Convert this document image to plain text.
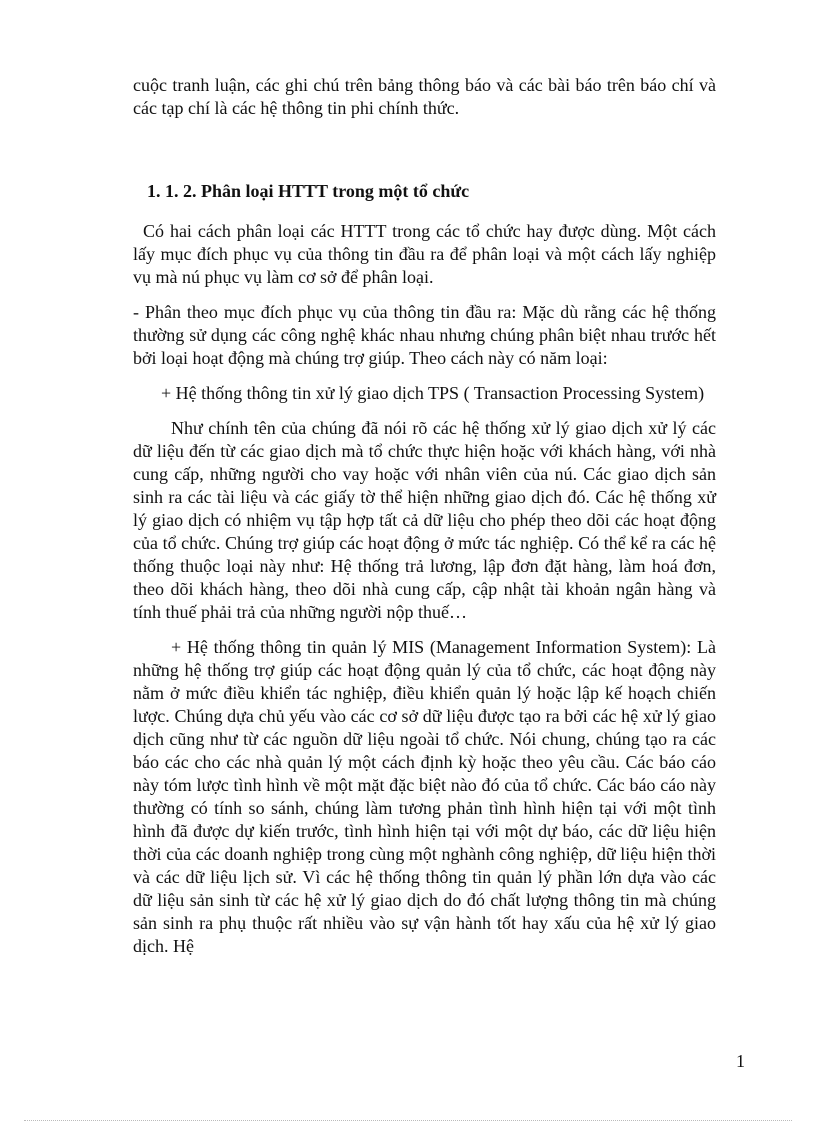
cuộc tranh luận, các ghi chú trên bảng thông báo và các bài báo trên báo chí và các tạp chí là các hệ thông tin phi chính thức.

1. 1. 2. Phân loại HTTT trong một tổ chức

Có hai cách phân loại các HTTT trong các tổ chức hay được dùng. Một cách lấy mục đích phục vụ của thông tin đầu ra để phân loại và một cách lấy nghiệp vụ mà nú phục vụ làm cơ sở để phân loại.

- Phân theo mục đích phục vụ của thông tin đầu ra: Mặc dù rằng các hệ thống thường sử dụng các công nghệ khác nhau nhưng chúng phân biệt nhau trước hết bởi loại hoạt động mà chúng trợ giúp. Theo cách này có năm loại:

+ Hệ thống thông tin xử lý giao dịch TPS ( Transaction Processing System)

Như chính tên của chúng đã nói rõ các hệ thống xử lý giao dịch xử lý các dữ liệu đến từ các giao dịch mà tổ chức thực hiện hoặc với khách hàng, với nhà cung cấp, những người cho vay hoặc với nhân viên của nú. Các giao dịch sản sinh ra các tài liệu và các giấy tờ thể hiện những giao dịch đó. Các hệ thống xử lý giao dịch có nhiệm vụ tập hợp tất cả dữ liệu cho phép theo dõi các hoạt động của tổ chức. Chúng trợ giúp các hoạt động ở mức tác nghiệp. Có thể kể ra các hệ thống thuộc loại này như: Hệ thống trả lương, lập đơn đặt hàng, làm hoá đơn, theo dõi khách hàng, theo dõi nhà cung cấp, cập nhật tài khoản ngân hàng và tính thuế phải trả của những người nộp thuế…

+ Hệ thống thông tin quản lý MIS (Management Information System): Là những hệ thống trợ giúp các hoạt động quản lý của tổ chức, các hoạt động này nằm ở mức điều khiển tác nghiệp, điều khiển quản lý hoặc lập kế hoạch chiến lược. Chúng dựa chủ yếu vào các cơ sở dữ liệu được tạo ra bởi các hệ xử lý giao dịch cũng như từ các nguồn dữ liệu ngoài tổ chức. Nói chung, chúng tạo ra các báo các cho các nhà quản lý một cách định kỳ hoặc theo yêu cầu. Các báo cáo này tóm lược tình hình về một mặt đặc biệt nào đó của tổ chức. Các báo cáo này thường có tính so sánh, chúng làm tương phản tình hình hiện tại với một tình hình đã được dự kiến trước, tình hình hiện tại với một dự báo, các dữ liệu hiện thời của các doanh nghiệp trong cùng một nghành công nghiệp, dữ liệu hiện thời và các dữ liệu lịch sử. Vì các hệ thống thông tin quản lý phần lớn dựa vào các dữ liệu sản sinh từ các hệ xử lý giao dịch do đó chất lượng thông tin mà chúng sản sinh ra phụ thuộc rất nhiều vào sự vận hành tốt hay xấu của hệ xử lý giao dịch. Hệ

1
